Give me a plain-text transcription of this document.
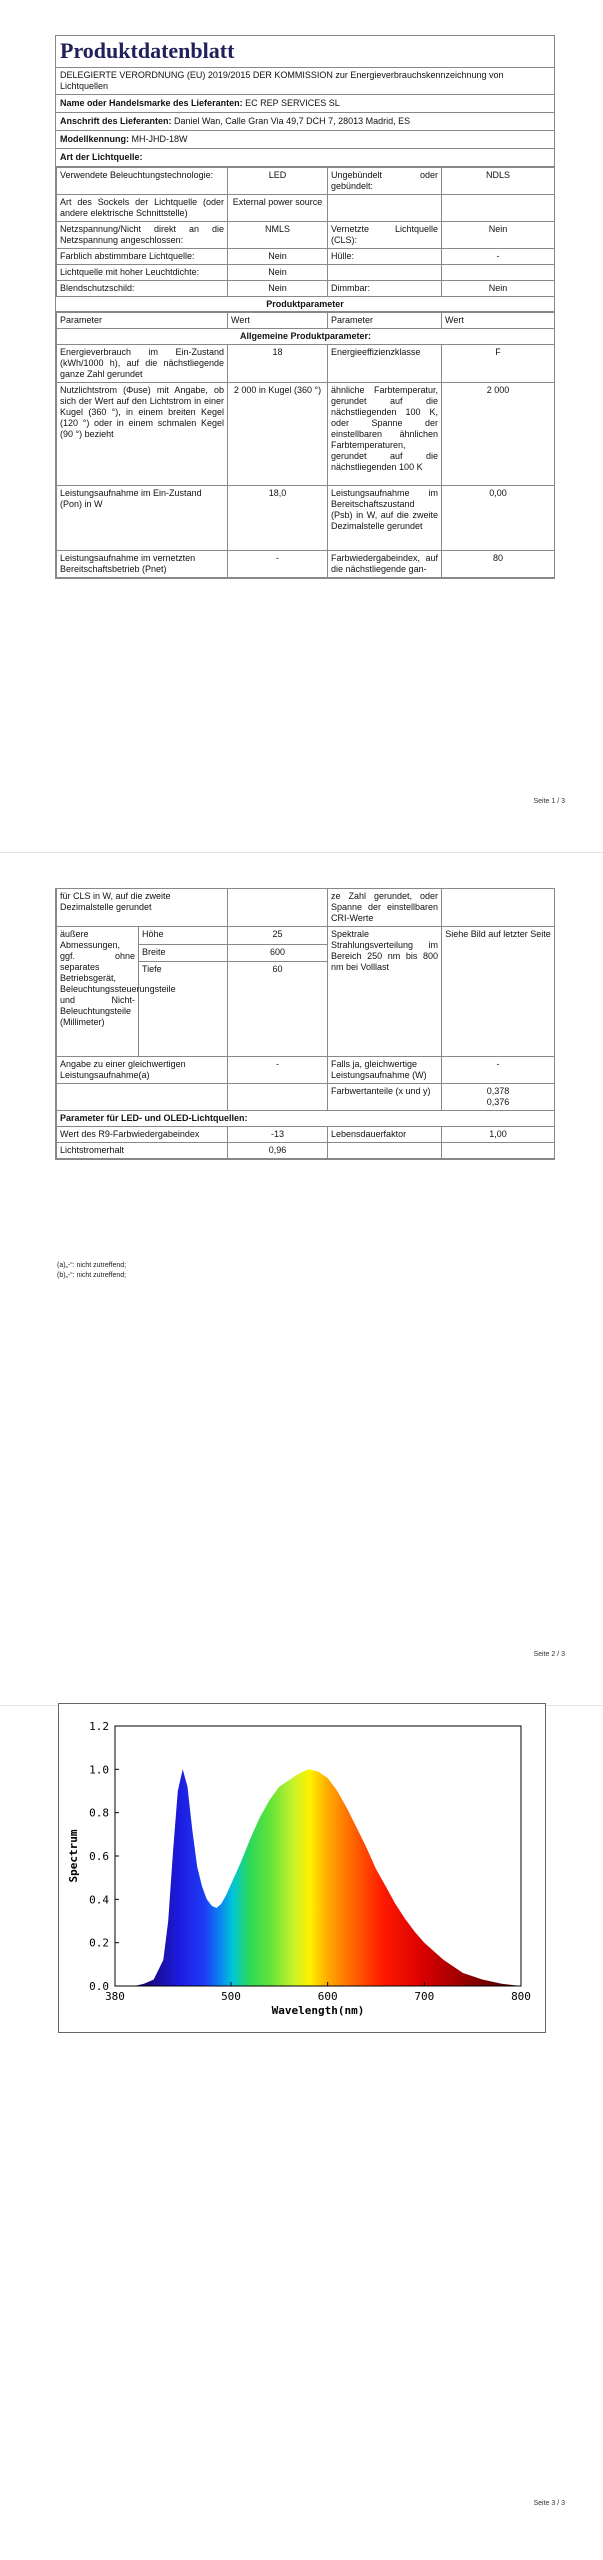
Produktdatenblatt
DELEGIERTE VERORDNUNG (EU) 2019/2015 DER KOMMISSION zur Energieverbrauchskennzeichnung von Lichtquellen
Name oder Handelsmarke des Lieferanten: EC REP SERVICES SL
Anschrift des Lieferanten: Daniel Wan, Calle Gran Via 49,7 DCH 7, 28013 Madrid, ES
Modellkennung: MH-JHD-18W
Art der Lichtquelle:
Verwendete Beleuchtungstechnologie:	LED	Ungebündelt oder gebündelt:	NDLS
Art des Sockels der Lichtquelle (oder andere elektrische Schnittstelle)	External power source		
Netzspannung/Nicht direkt an die Netzspannung angeschlossen:	NMLS	Vernetzte Lichtquelle (CLS):	Nein
Farblich abstimmbare Lichtquelle:	Nein	Hülle:	-
Lichtquelle mit hoher Leuchtdichte:	Nein		
Blendschutzschild:	Nein	Dimmbar:	Nein
Produktparameter
Parameter	Wert	Parameter	Wert
Allgemeine Produktparameter:			
Energieverbrauch im Ein-Zustand (kWh/1000 h), auf die nächstliegende ganze Zahl gerundet	18	Energieeffizienzklasse	F
Nutzlichtstrom (Φuse) mit Angabe, ob sich der Wert auf den Lichtstrom in einer Kugel (360 °), in einem breiten Kegel (120 °) oder in einem schmalen Kegel (90 °) bezieht	2 000 in Kugel (360 °)	ähnliche Farbtemperatur, gerundet auf die nächstliegenden 100 K, oder Spanne der einstellbaren ähnlichen Farbtemperaturen, gerundet auf die nächstliegenden 100 K	2 000
Leistungsaufnahme im Ein-Zustand (Pon) in W	18,0	Leistungsaufnahme im Bereitschaftszustand (Psb) in W, auf die zweite Dezimalstelle gerundet	0,00
Leistungsaufnahme im vernetzten Bereitschaftsbetrieb (Pnet)	-	Farbwiedergabeindex, auf die nächstliegende gan-	80
Seite 1 / 3
für CLS in W, auf die zweite Dezimalstelle gerundet			ze Zahl gerundet, oder Spanne der einstellbaren CRI-Werte	
äußere Abmessungen, ggf. ohne separates Betriebsgerät, Beleuchtungssteuerungsteile und Nicht-Beleuchtungsteile (Millimeter)	Höhe	25	Spektrale Strahlungsverteilung im Bereich 250 nm bis 800 nm bei Volllast	Siehe Bild auf letzter Seite
	Breite	600		
	Tiefe	60		
Angabe zu einer gleichwertigen Leistungsaufnahme(a)		-	Falls ja, gleichwertige Leistungsaufnahme (W)	-
			Farbwertanteile (x und y)	0,378
0,376

Parameter für LED- und OLED-Lichtquellen:				
Wert des R9-Farbwiedergabeindex		-13	Lebensdauerfaktor	1,00
Lichtstromerhalt		0,96		
(a)„-“: nicht zutreffend;
(b)„-“: nicht zutreffend;
Seite 2 / 3
0.0
0.2
0.4
0.6
0.8
1.0
1.2
380	500	600	700	800
Wavelength(nm)
Spectrum
Seite 3 / 3
